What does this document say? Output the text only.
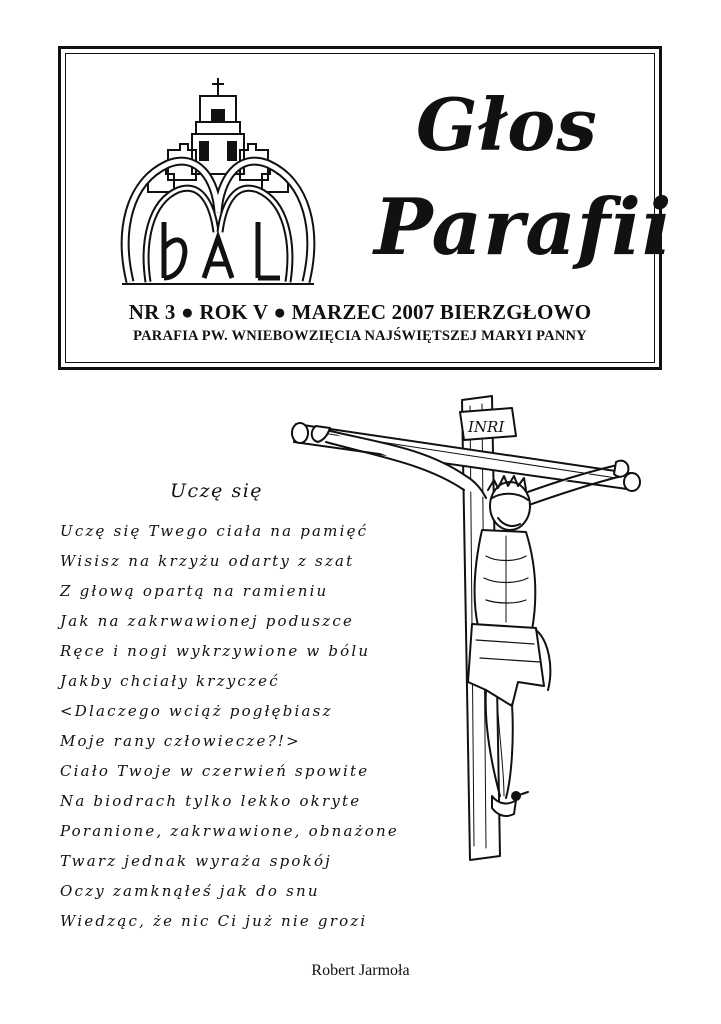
Głos
Parafii
NR 3 ● ROK V ● MARZEC 2007 BIERZGŁOWO
PARAFIA PW. WNIEBOWZIĘCIA NAJŚWIĘTSZEJ MARYI PANNY
INRI
Uczę się
Uczę się Twego ciała na pamięć
Wisisz na krzyżu odarty z szat
Z głową opartą na ramieniu
Jak na zakrwawionej poduszce
Ręce i nogi wykrzywione w bólu
Jakby chciały krzyczeć
<Dlaczego wciąż pogłębiasz
Moje rany człowiecze?!>
Ciało Twoje w czerwień spowite
Na biodrach tylko lekko okryte
Poranione, zakrwawione, obnażone
Twarz jednak wyraża spokój
Oczy zamknąłeś jak do snu
Wiedząc, że nic Ci już nie grozi
Robert Jarmoła
